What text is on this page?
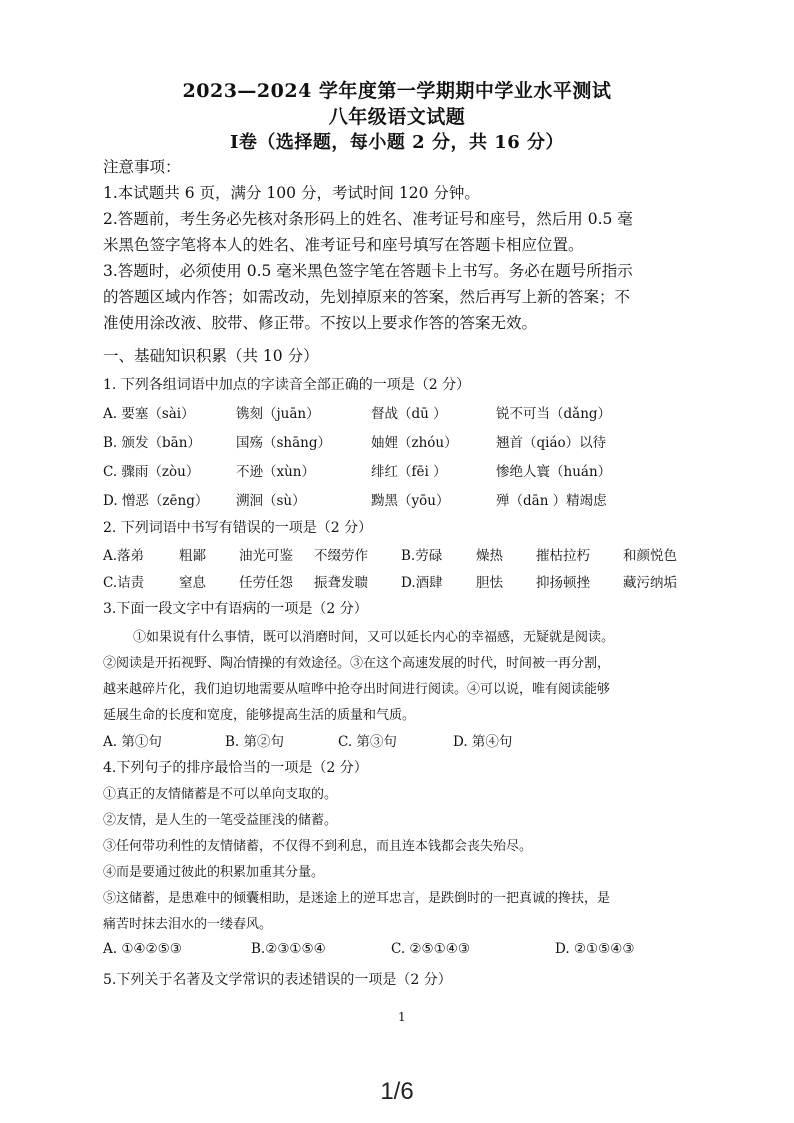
2023—2024 学年度第一学期期中学业水平测试
八年级语文试题
Ⅰ卷（选择题，每小题 2 分，共 16 分）
注意事项：
1.本试题共 6 页，满分 100 分，考试时间 120 分钟。
2.答题前，考生务必先核对条形码上的姓名、准考证号和座号，然后用 0.5 毫
米黑色签字笔将本人的姓名、准考证号和座号填写在答题卡相应位置。
3.答题时，必须使用 0.5 毫米黑色签字笔在答题卡上书写。务必在题号所指示
的答题区域内作答；如需改动，先划掉原来的答案，然后再写上新的答案；不
准使用涂改液、胶带、修正带。不按以上要求作答的答案无效。
一、基础知识积累（共 10 分）
1. 下列各组词语中加点的字读音全部正确的一项是（2 分）
A. 要塞（sài）	镌刻（juān）	督战（dū ）	锐不可当（dǎng）
B. 颁发（bān）	国殇（shāng）	妯娌（zhóu）	翘首（qiáo）以待
C. 骤雨（zòu）	不逊（xùn）	绯红（fēi ）	惨绝人寰（huán）
D. 憎恶（zēng） 溯洄（sù）	黝黑（yōu）	殚（dān ）精竭虑
2. 下列词语中书写有错误的一项是（2 分）
A.落弟	粗鄙 油光可鉴 不缀劳作 B.劳碌	燥热 摧枯拉朽 和颜悦色
C.诘责	窒息 任劳任怨 振聋发聩 D.酒肆 胆怯 抑扬顿挫 藏污纳垢
3.下面一段文字中有语病的一项是（2 分）
①如果说有什么事情，既可以消磨时间，又可以延长内心的幸福感，无疑就是阅读。
②阅读是开拓视野、陶冶情操的有效途径。③在这个高速发展的时代，时间被一再分割，
越来越碎片化，我们迫切地需要从喧哗中抢夺出时间进行阅读。④可以说，唯有阅读能够
延展生命的长度和宽度，能够提高生活的质量和气质。
A. 第①句	B. 第②句	C. 第③句	D. 第④句
4.下列句子的排序最恰当的一项是（2 分）
①真正的友情储蓄是不可以单向支取的。
②友情，是人生的一笔受益匪浅的储蓄。
③任何带功利性的友情储蓄，不仅得不到利息，而且连本钱都会丧失殆尽。
④而是要通过彼此的积累加重其分量。
⑤这储蓄，是患难中的倾囊相助，是迷途上的逆耳忠言，是跌倒时的一把真诚的搀扶，是
痛苦时抹去泪水的一缕春风。
A. ①④②⑤③	B.②③①⑤④	C. ②⑤①④③	D. ②①⑤④③
5.下列关于名著及文学常识的表述错误的一项是（2 分）
1
1/6
